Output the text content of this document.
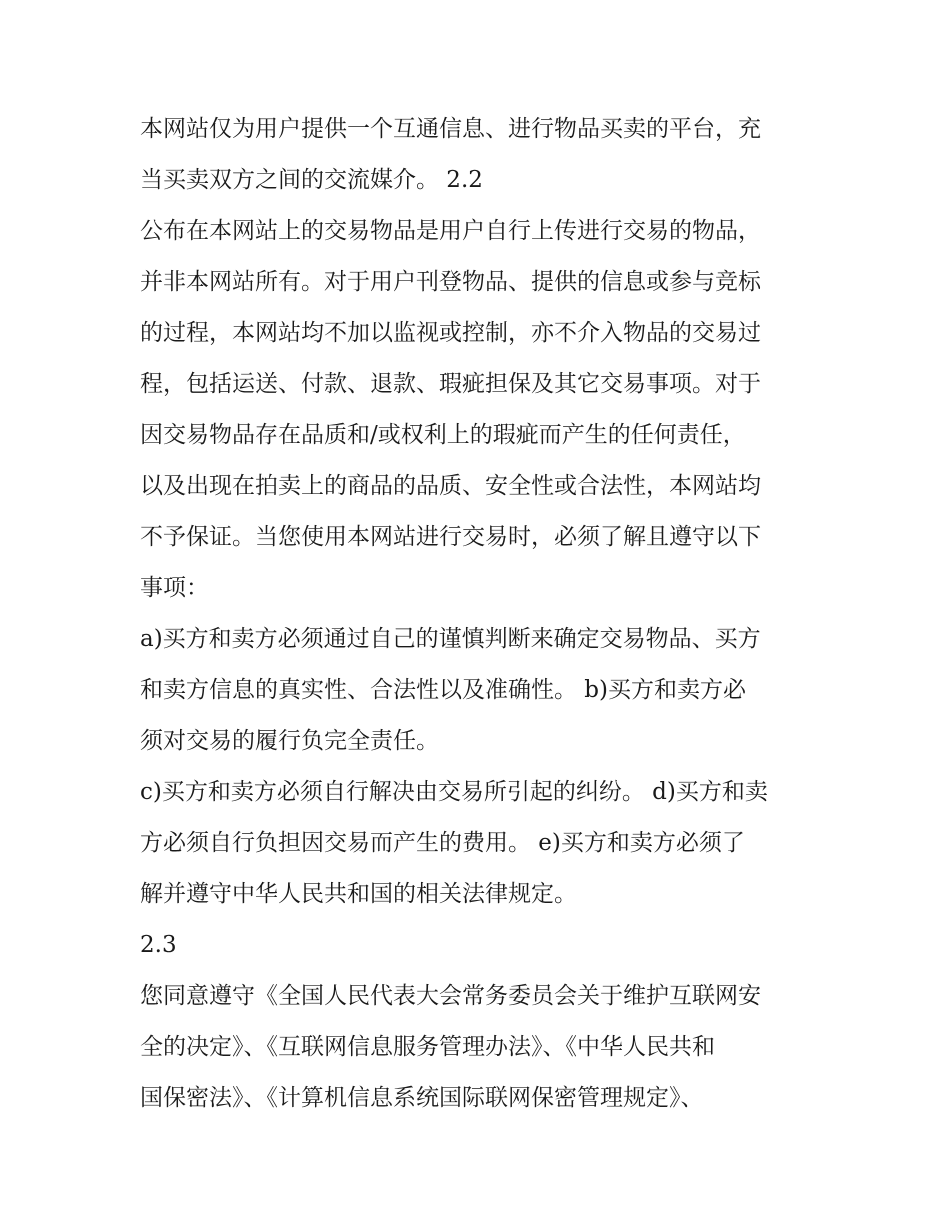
本网站仅为用户提供一个互通信息、进行物品买卖的平台，充
当买卖双方之间的交流媒介。 2.2
公布在本网站上的交易物品是用户自行上传进行交易的物品，
并非本网站所有。对于用户刊登物品、提供的信息或参与竞标
的过程，本网站均不加以监视或控制，亦不介入物品的交易过
程，包括运送、付款、退款、瑕疵担保及其它交易事项。对于
因交易物品存在品质和/或权利上的瑕疵而产生的任何责任，
以及出现在拍卖上的商品的品质、安全性或合法性，本网站均
不予保证。当您使用本网站进行交易时，必须了解且遵守以下
事项：
a)买方和卖方必须通过自己的谨慎判断来确定交易物品、买方
和卖方信息的真实性、合法性以及准确性。 b)买方和卖方必
须对交易的履行负完全责任。
c)买方和卖方必须自行解决由交易所引起的纠纷。 d)买方和卖
方必须自行负担因交易而产生的费用。 e)买方和卖方必须了
解并遵守中华人民共和国的相关法律规定。
2.3
您同意遵守《全国人民代表大会常务委员会关于维护互联网安
全的决定》、《互联网信息服务管理办法》、《中华人民共和
国保密法》、《计算机信息系统国际联网保密管理规定》、
